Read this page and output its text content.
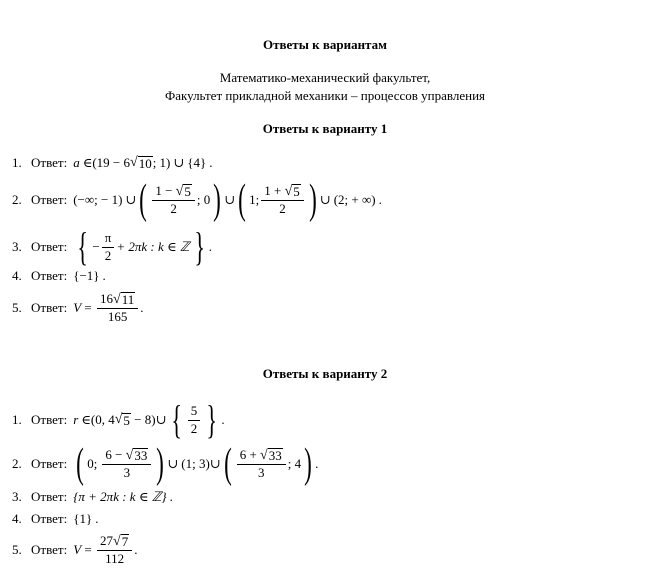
Ответы к вариантам
Математико-механический факультет,
Факультет прикладной механики – процессов управления
Ответы к варианту 1
1. Ответ: a ∈ (19 − 6 √ 10 ; 1) ∪ {4} .
2. Ответ: (−∞; − 1) ∪ ( $\frac{1 - √ 5}{2}$ ; 0 ) ∪ ( 1; $\frac{1 + √ 5}{2}$ ) ∪ (2; + ∞) .
3. Ответ: { − $\frac{\pi}{2} + 2\pi k$ : k ∈ ℤ } .
4. Ответ: {−1} .
5. Ответ: $V = \frac{16 √ 11}{165}$ .
Ответы к варианту 2
1. Ответ: r ∈ (0, 4 √ 5 − 8) ∪ { $\frac{5}{2}$ } .
2. Ответ: ( 0; $\frac{6 - √ 33}{3}$ ) ∪ (1; 3) ∪ ( $\frac{6 + √ 33}{3}$ ; 4 ) .
3. Ответ: {π + 2πk : k ∈ ℤ} .
4. Ответ: {1} .
5. Ответ: $V = \frac{27 √ 7}{112}$ .
